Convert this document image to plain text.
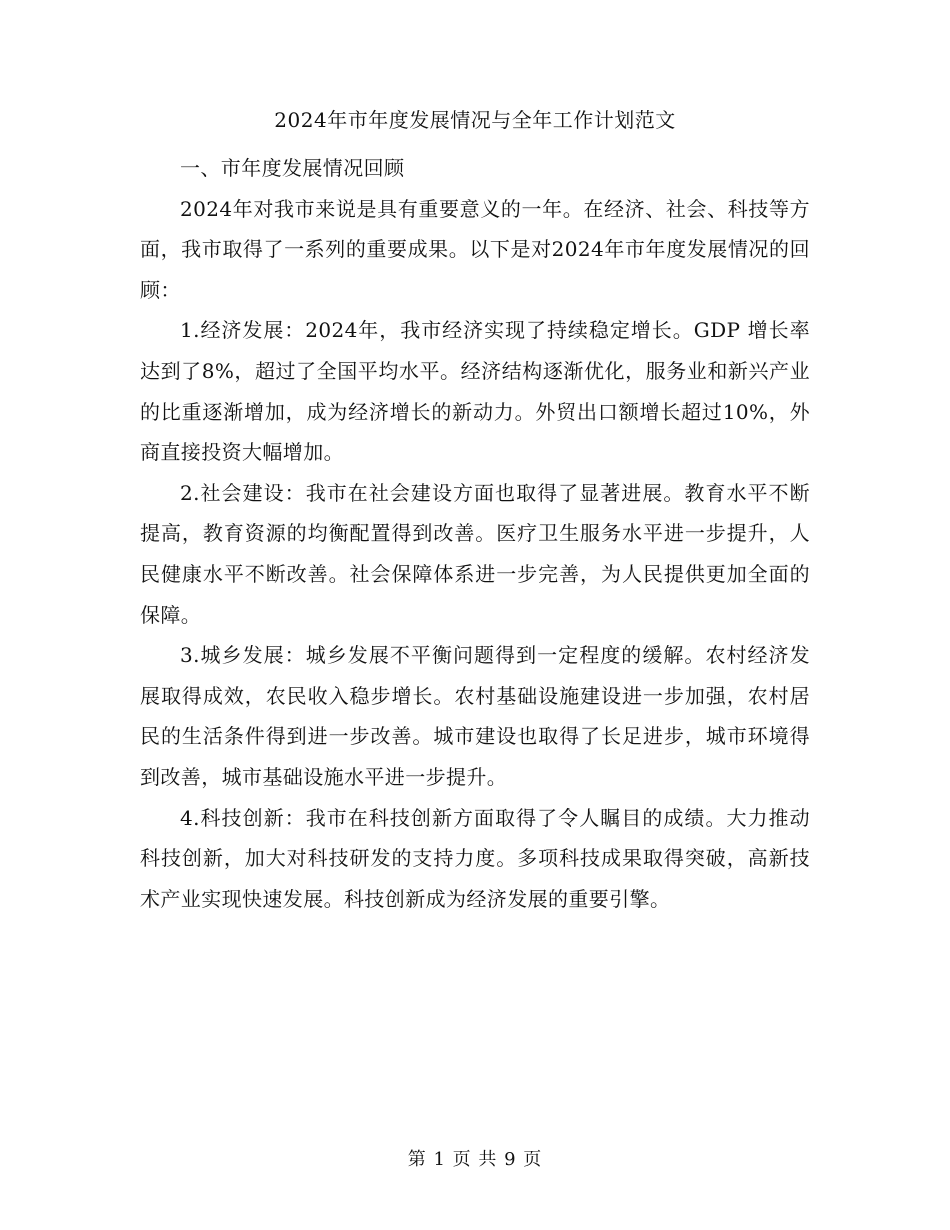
2024年市年度发展情况与全年工作计划范文

一、市年度发展情况回顾

2024年对我市来说是具有重要意义的一年。在经济、社会、科技等方面，我市取得了一系列的重要成果。以下是对2024年市年度发展情况的回顾：

1.经济发展：2024年，我市经济实现了持续稳定增长。GDP 增长率达到了8%，超过了全国平均水平。经济结构逐渐优化，服务业和新兴产业的比重逐渐增加，成为经济增长的新动力。外贸出口额增长超过10%，外商直接投资大幅增加。

2.社会建设：我市在社会建设方面也取得了显著进展。教育水平不断提高，教育资源的均衡配置得到改善。医疗卫生服务水平进一步提升，人民健康水平不断改善。社会保障体系进一步完善，为人民提供更加全面的保障。

3.城乡发展：城乡发展不平衡问题得到一定程度的缓解。农村经济发展取得成效，农民收入稳步增长。农村基础设施建设进一步加强，农村居民的生活条件得到进一步改善。城市建设也取得了长足进步，城市环境得到改善，城市基础设施水平进一步提升。

4.科技创新：我市在科技创新方面取得了令人瞩目的成绩。大力推动科技创新，加大对科技研发的支持力度。多项科技成果取得突破，高新技术产业实现快速发展。科技创新成为经济发展的重要引擎。

第 1 页 共 9 页
